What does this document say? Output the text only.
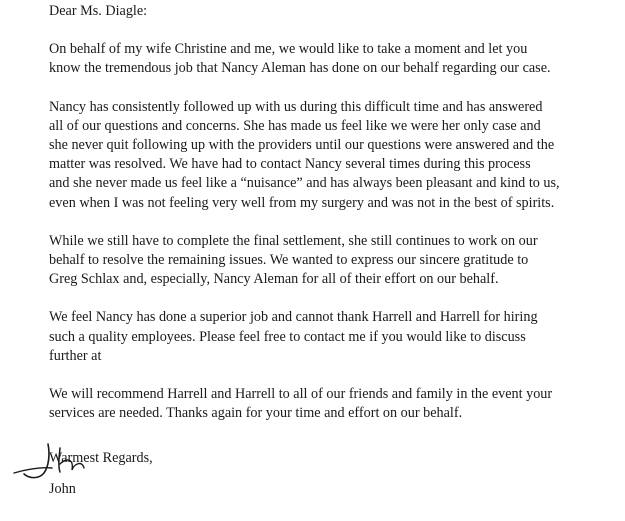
Dear Ms. Diagle:
On behalf of my wife Christine and me, we would like to take a moment and let you
know the tremendous job that Nancy Aleman has done on our behalf regarding our case.
Nancy has consistently followed up with us during this difficult time and has answered
all of our questions and concerns. She has made us feel like we were her only case and
she never quit following up with the providers until our questions were answered and the
matter was resolved. We have had to contact Nancy several times during this process
and she never made us feel like a “nuisance” and has always been pleasant and kind to us,
even when I was not feeling very well from my surgery and was not in the best of spirits.
While we still have to complete the final settlement, she still continues to work on our
behalf to resolve the remaining issues. We wanted to express our sincere gratitude to
Greg Schlax and, especially, Nancy Aleman for all of their effort on our behalf.
We feel Nancy has done a superior job and cannot thank Harrell and Harrell for hiring
such a quality employees. Please feel free to contact me if you would like to discuss
further at
We will recommend Harrell and Harrell to all of our friends and family in the event your
services are needed. Thanks again for your time and effort on our behalf.
Warmest Regards,
John
